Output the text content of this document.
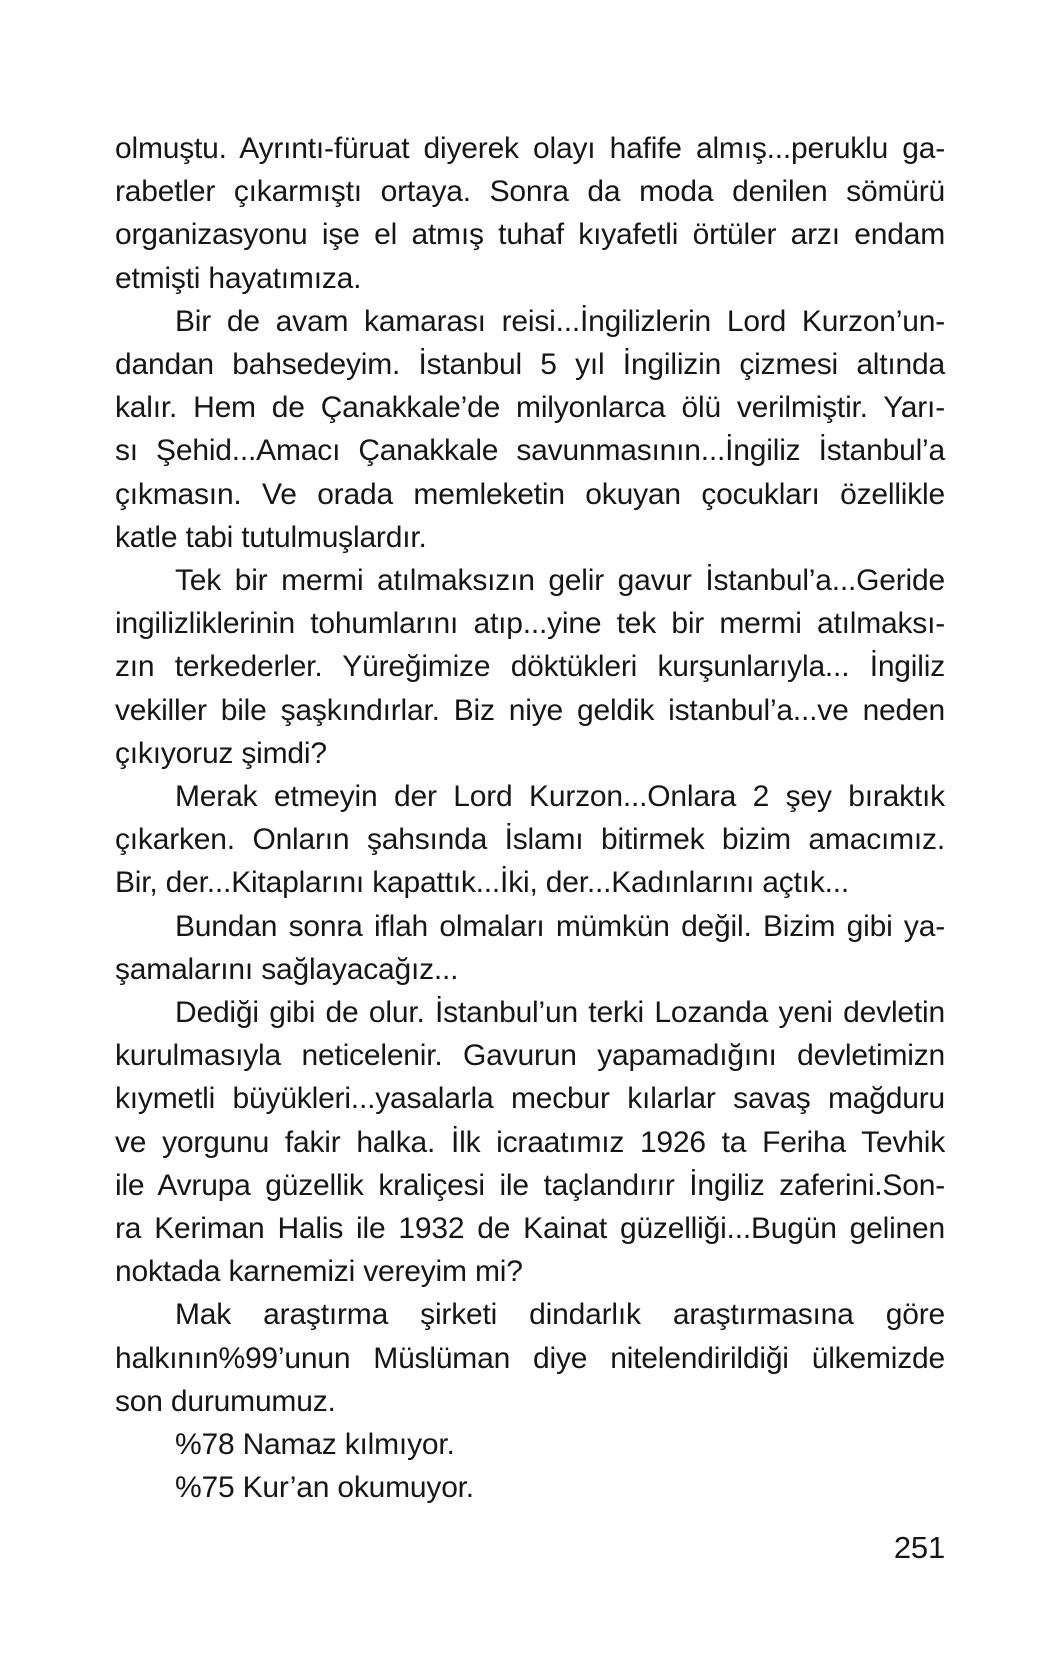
olmuştu. Ayrıntı-füruat diyerek olayı hafife almış...peruklu ga-
rabetler çıkarmıştı ortaya. Sonra da moda denilen sömürü
organizasyonu işe el atmış tuhaf kıyafetli örtüler arzı endam
etmişti hayatımıza.
Bir de avam kamarası reisi...İngilizlerin Lord Kurzon’un-
dandan bahsedeyim. İstanbul 5 yıl İngilizin çizmesi altında
kalır. Hem de Çanakkale’de milyonlarca ölü verilmiştir. Yarı-
sı Şehid...Amacı Çanakkale savunmasının...İngiliz İstanbul’a
çıkmasın. Ve orada memleketin okuyan çocukları özellikle
katle tabi tutulmuşlardır.
Tek bir mermi atılmaksızın gelir gavur İstanbul’a...Geride
ingilizliklerinin tohumlarını atıp...yine tek bir mermi atılmaksı-
zın terkederler. Yüreğimize döktükleri kurşunlarıyla... İngiliz
vekiller bile şaşkındırlar. Biz niye geldik istanbul’a...ve neden
çıkıyoruz şimdi?
Merak etmeyin der Lord Kurzon...Onlara 2 şey bıraktık
çıkarken. Onların şahsında İslamı bitirmek bizim amacımız.
Bir, der...Kitaplarını kapattık...İki, der...Kadınlarını açtık...
Bundan sonra iflah olmaları mümkün değil. Bizim gibi ya-
şamalarını sağlayacağız...
Dediği gibi de olur. İstanbul’un terki Lozanda yeni devletin
kurulmasıyla neticelenir. Gavurun yapamadığını devletimizn
kıymetli büyükleri...yasalarla mecbur kılarlar savaş mağduru
ve yorgunu fakir halka. İlk icraatımız 1926 ta Feriha Tevhik
ile Avrupa güzellik kraliçesi ile taçlandırır İngiliz zaferini.Son-
ra Keriman Halis ile 1932 de Kainat güzelliği...Bugün gelinen
noktada karnemizi vereyim mi?
Mak araştırma şirketi dindarlık araştırmasına göre
halkının%99’unun Müslüman diye nitelendirildiği ülkemizde
son durumumuz.
%78 Namaz kılmıyor.
%75 Kur’an okumuyor.
251
